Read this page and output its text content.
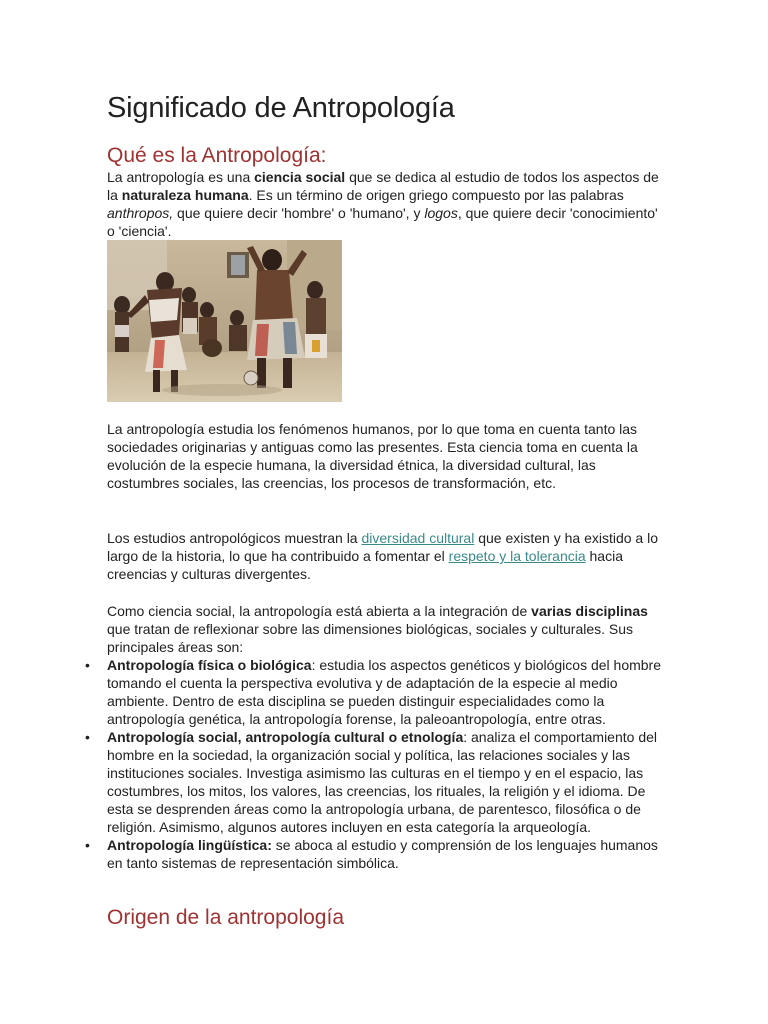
Significado de Antropología
Qué es la Antropología:

La antropología es una ciencia social que se dedica al estudio de todos los aspectos de la naturaleza humana. Es un término de origen griego compuesto por las palabras anthropos, que quiere decir 'hombre' o 'humano', y logos, que quiere decir 'conocimiento' o 'ciencia'.

La antropología estudia los fenómenos humanos, por lo que toma en cuenta tanto las sociedades originarias y antiguas como las presentes. Esta ciencia toma en cuenta la evolución de la especie humana, la diversidad étnica, la diversidad cultural, las costumbres sociales, las creencias, los procesos de transformación, etc.

Los estudios antropológicos muestran la diversidad cultural que existen y ha existido a lo largo de la historia, lo que ha contribuido a fomentar el respeto y la tolerancia hacia creencias y culturas divergentes.

Como ciencia social, la antropología está abierta a la integración de varias disciplinas que tratan de reflexionar sobre las dimensiones biológicas, sociales y culturales. Sus principales áreas son:

• Antropología física o biológica: estudia los aspectos genéticos y biológicos del hombre tomando el cuenta la perspectiva evolutiva y de adaptación de la especie al medio ambiente. Dentro de esta disciplina se pueden distinguir especialidades como la antropología genética, la antropología forense, la paleoantropología, entre otras.
• Antropología social, antropología cultural o etnología: analiza el comportamiento del hombre en la sociedad, la organización social y política, las relaciones sociales y las instituciones sociales. Investiga asimismo las culturas en el tiempo y en el espacio, las costumbres, los mitos, los valores, las creencias, los rituales, la religión y el idioma. De esta se desprenden áreas como la antropología urbana, de parentesco, filosófica o de religión. Asimismo, algunos autores incluyen en esta categoría la arqueología.
• Antropología lingüística: se aboca al estudio y comprensión de los lenguajes humanos en tanto sistemas de representación simbólica.
Origen de la antropología
